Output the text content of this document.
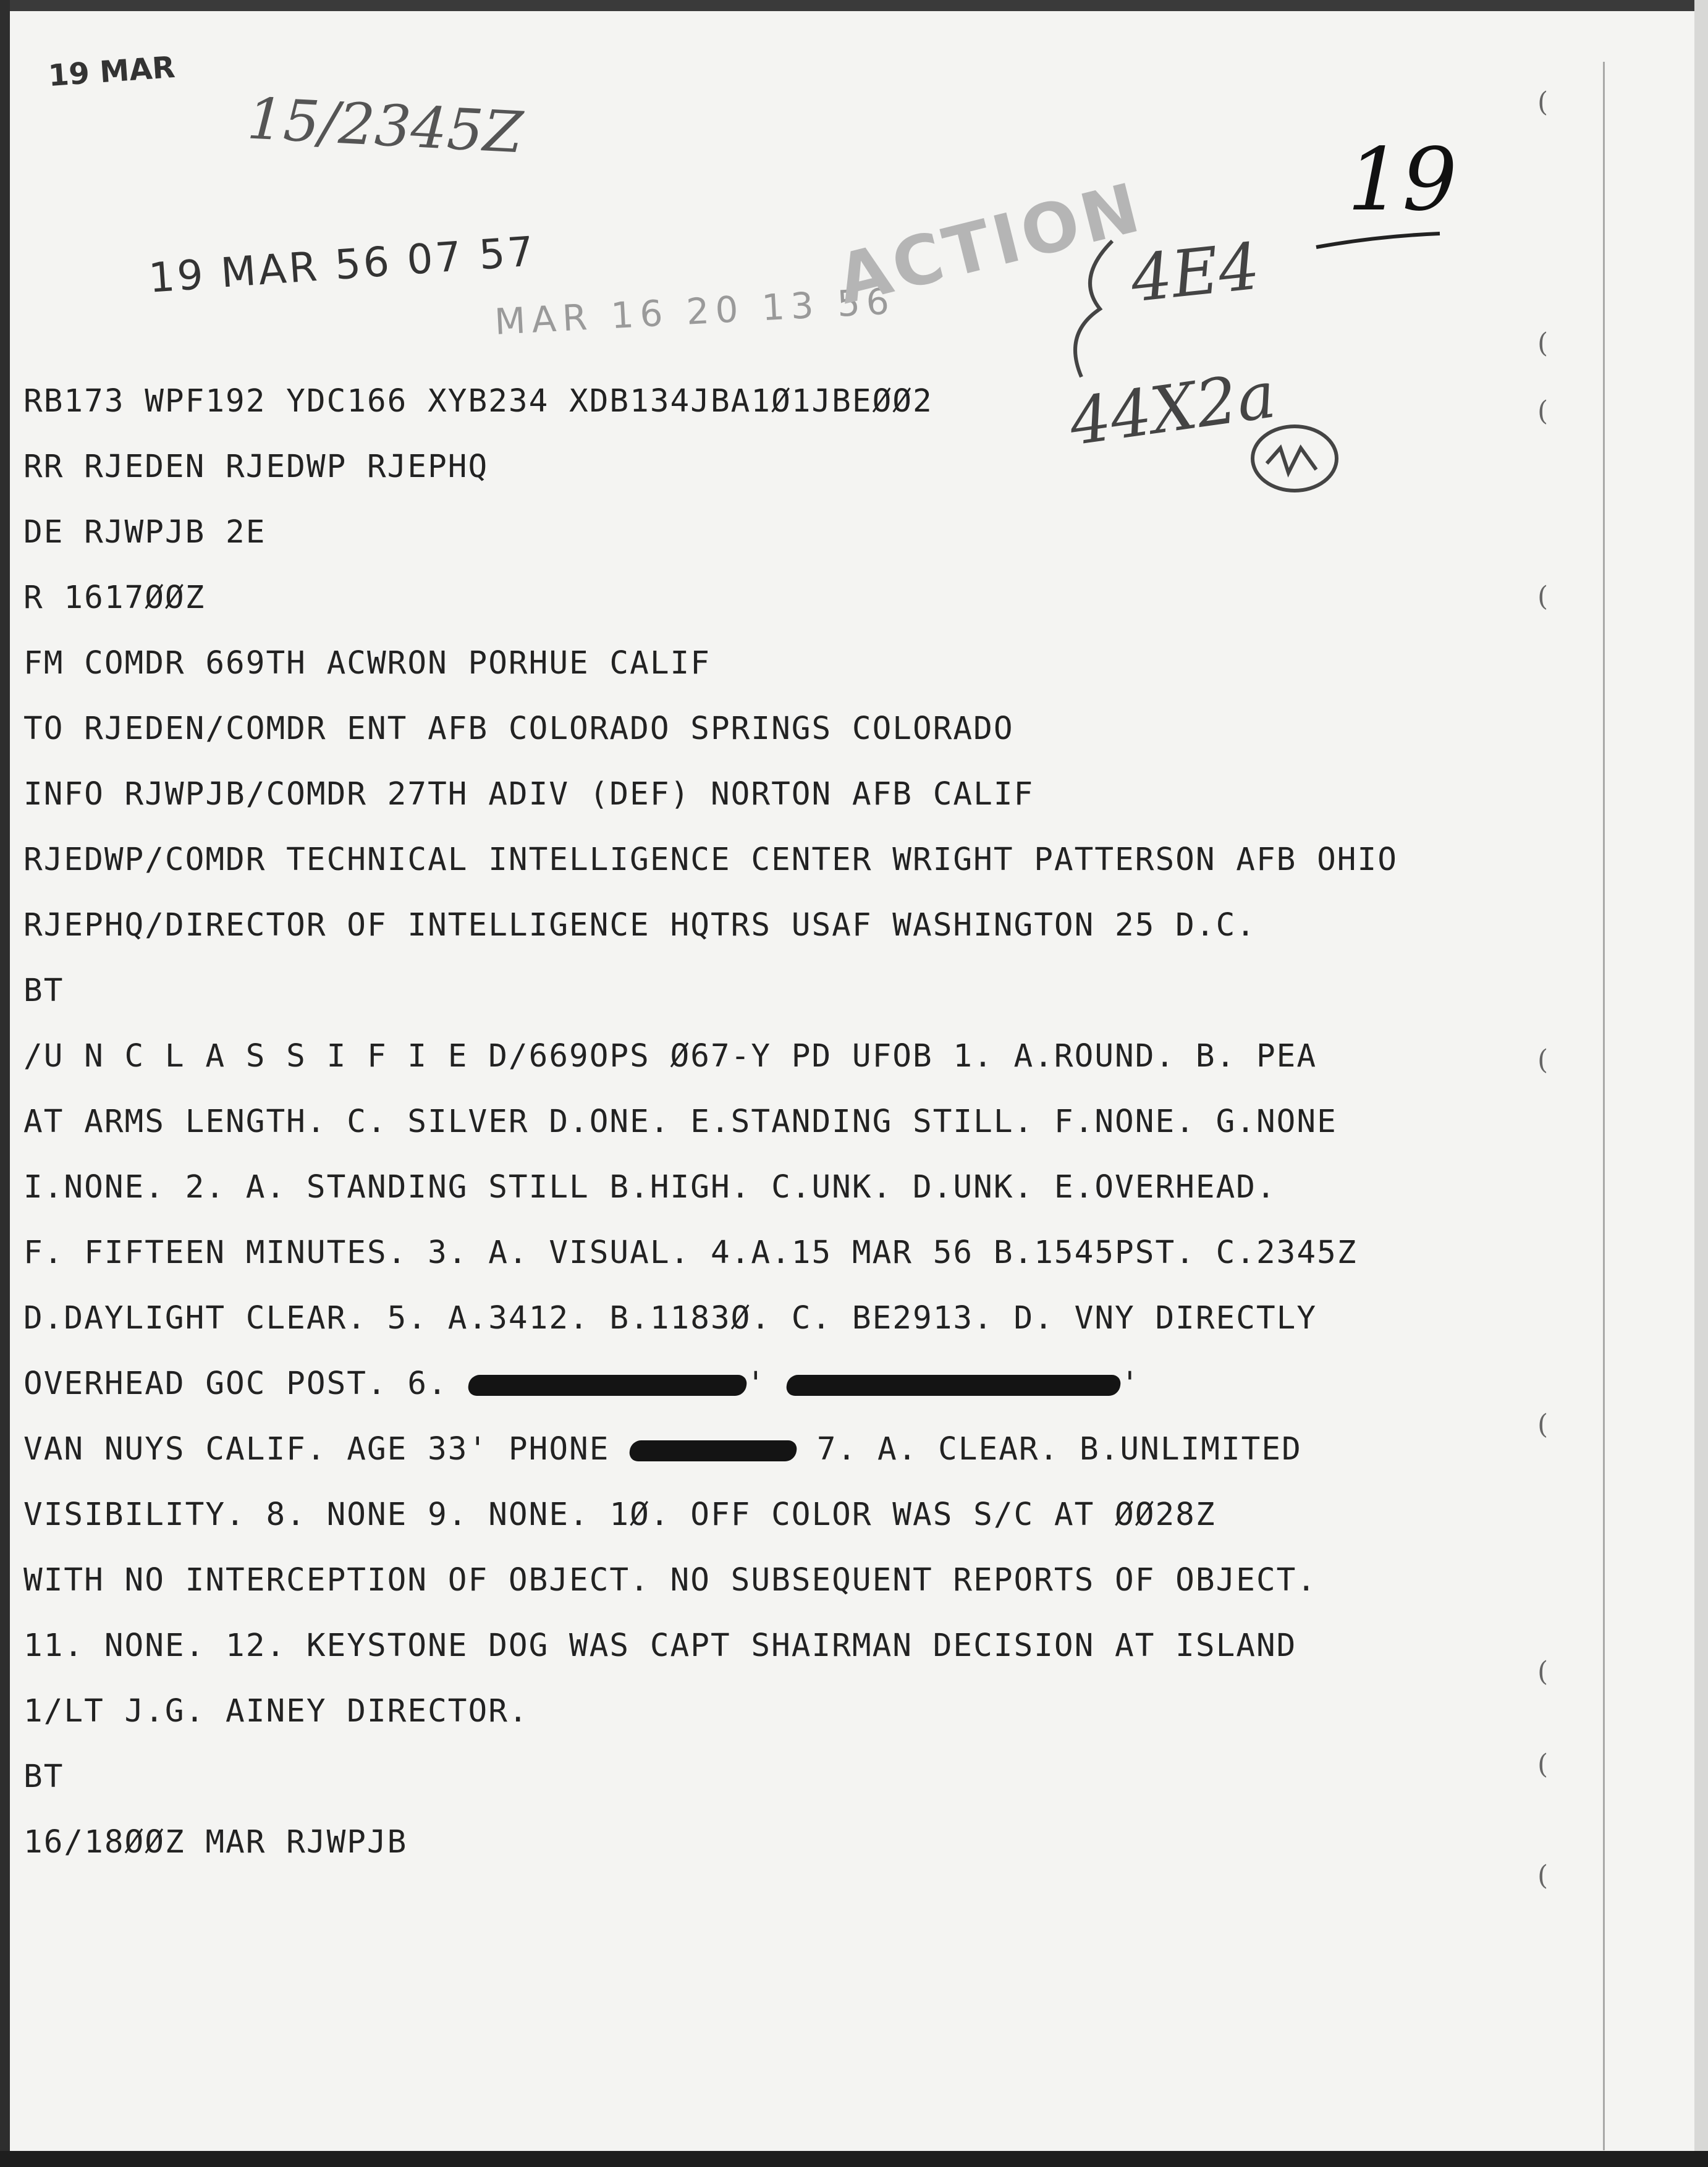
(
(
(
(
(
(
(
(
(
19 MAR
15/2345Z
19 MAR 56 07 57
MAR 16 20 13 56
ACTION 19
4E4
44X2a
RB173 WPF192 YDC166 XYB234 XDB134JBA1Ø1JBEØØ2
RR RJEDEN RJEDWP RJEPHQ
DE RJWPJB 2E
R 1617ØØZ
FM COMDR 669TH ACWRON PORHUE CALIF
TO RJEDEN/COMDR ENT AFB COLORADO SPRINGS COLORADO
INFO RJWPJB/COMDR 27TH ADIV (DEF) NORTON AFB CALIF
RJEDWP/COMDR TECHNICAL INTELLIGENCE CENTER WRIGHT PATTERSON AFB OHIO
RJEPHQ/DIRECTOR OF INTELLIGENCE HQTRS USAF WASHINGTON 25 D.C.
BT
/U N C L A S S I F I E D/669OPS Ø67-Y PD UFOB 1. A.ROUND. B. PEA
AT ARMS LENGTH. C. SILVER D.ONE. E.STANDING STILL. F.NONE. G.NONE
I.NONE. 2. A. STANDING STILL B.HIGH. C.UNK. D.UNK. E.OVERHEAD.
F. FIFTEEN MINUTES. 3. A. VISUAL. 4.A.15 MAR 56 B.1545PST. C.2345Z
D.DAYLIGHT CLEAR. 5. A.3412. B.1183Ø. C. BE2913. D. VNY DIRECTLY
OVERHEAD GOC POST. 6.	'	'
VAN NUYS CALIF. AGE 33' PHONE	7. A. CLEAR. B.UNLIMITED
VISIBILITY. 8. NONE 9. NONE. 1Ø. OFF COLOR WAS S/C AT ØØ28Z
WITH NO INTERCEPTION OF OBJECT. NO SUBSEQUENT REPORTS OF OBJECT.
11. NONE. 12. KEYSTONE DOG WAS CAPT SHAIRMAN DECISION AT ISLAND
1/LT J.G. AINEY DIRECTOR.
BT
16/18ØØZ MAR RJWPJB
